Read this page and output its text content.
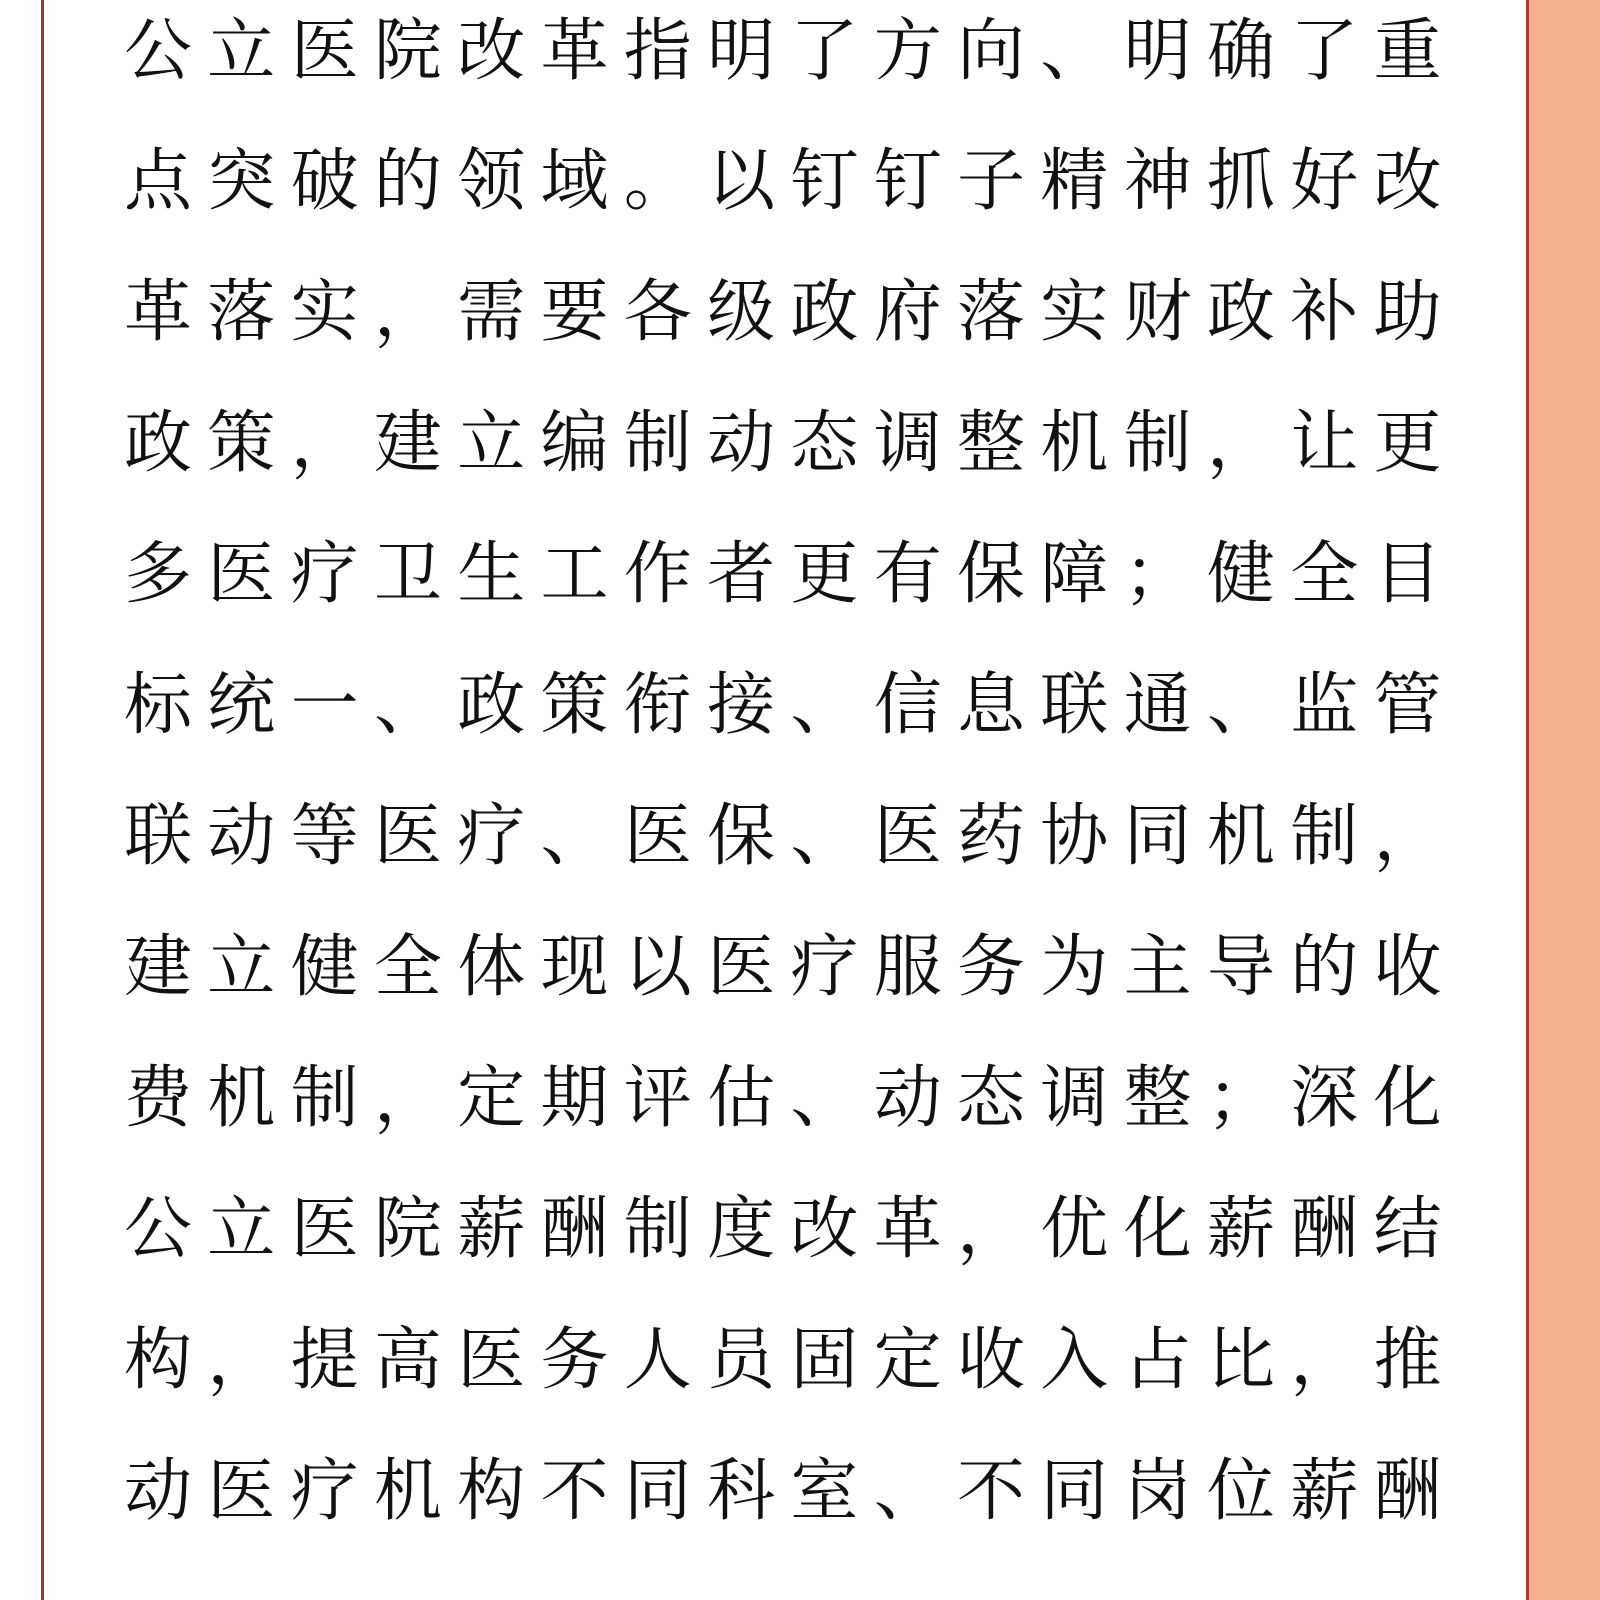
公立医院改革指明了方向、明确了重
点突破的领域。以钉钉子精神抓好改
革落实，需要各级政府落实财政补助
政策，建立编制动态调整机制，让更
多医疗卫生工作者更有保障；健全目
标统一、政策衔接、信息联通、监管
联动等医疗、医保、医药协同机制，
建立健全体现以医疗服务为主导的收
费机制，定期评估、动态调整；深化
公立医院薪酬制度改革，优化薪酬结
构，提高医务人员固定收入占比，推
动医疗机构不同科室、不同岗位薪酬
